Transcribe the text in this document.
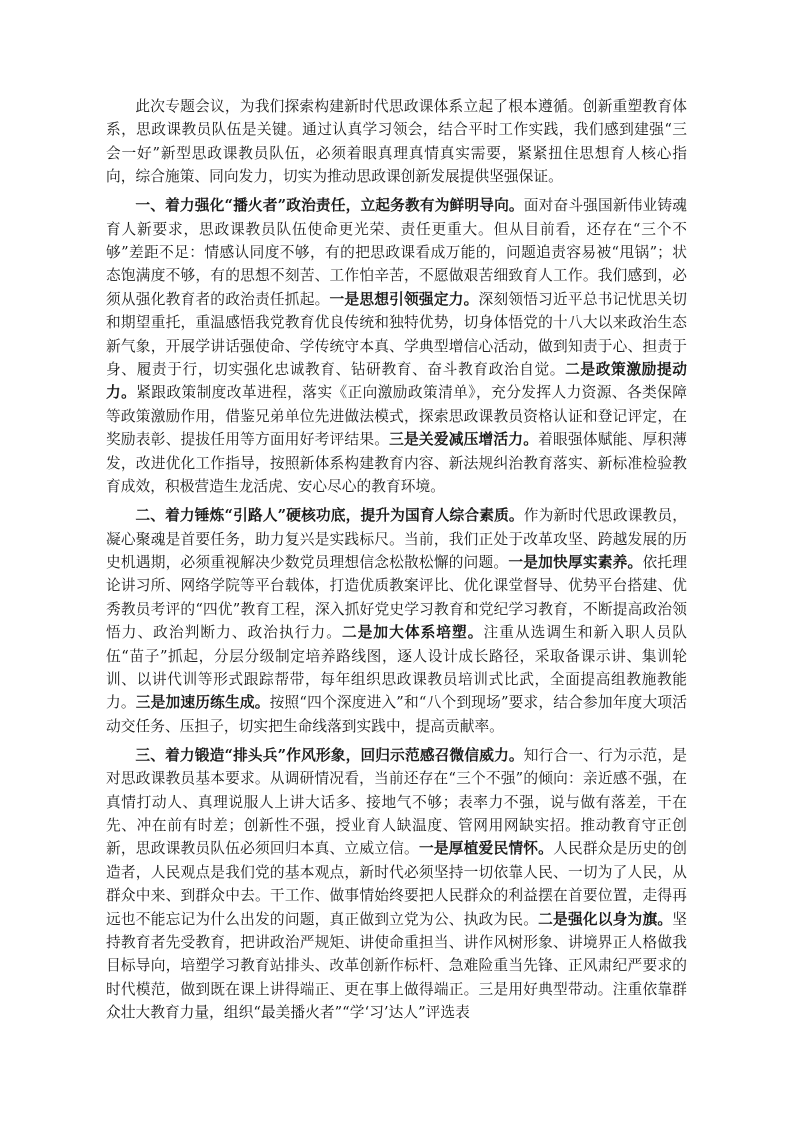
此次专题会议，为我们探索构建新时代思政课体系立起了根本遵循。创新重塑教育体系，思政课教员队伍是关键。通过认真学习领会，结合平时工作实践，我们感到建强“三会一好”新型思政课教员队伍，必须着眼真理真情真实需要，紧紧扭住思想育人核心指向，综合施策、同向发力，切实为推动思政课创新发展提供坚强保证。

一、着力强化“播火者”政治责任，立起务教有为鲜明导向。面对奋斗强国新伟业铸魂育人新要求，思政课教员队伍使命更光荣、责任更重大。但从目前看，还存在“三个不够”差距不足：情感认同度不够，有的把思政课看成万能的，问题追责容易被“甩锅”；状态饱满度不够，有的思想不刻苦、工作怕辛苦，不愿做艰苦细致育人工作。我们感到，必须从强化教育者的政治责任抓起。一是思想引领强定力。深刻领悟习近平总书记忧思关切和期望重托，重温感悟我党教育优良传统和独特优势，切身体悟党的十八大以来政治生态新气象，开展学讲话强使命、学传统守本真、学典型增信心活动，做到知责于心、担责于身、履责于行，切实强化忠诚教育、钻研教育、奋斗教育政治自觉。二是政策激励提动力。紧跟政策制度改革进程，落实《正向激励政策清单》，充分发挥人力资源、各类保障等政策激励作用，借鉴兄弟单位先进做法模式，探索思政课教员资格认证和登记评定，在奖励表彰、提拔任用等方面用好考评结果。三是关爱减压增活力。着眼强体赋能、厚积薄发，改进优化工作指导，按照新体系构建教育内容、新法规纠治教育落实、新标准检验教育成效，积极营造生龙活虎、安心尽心的教育环境。

二、着力锤炼“引路人”硬核功底，提升为国育人综合素质。作为新时代思政课教员，凝心聚魂是首要任务，助力复兴是实践标尺。当前，我们正处于改革攻坚、跨越发展的历史机遇期，必须重视解决少数党员理想信念松散松懈的问题。一是加快厚实素养。依托理论讲习所、网络学院等平台载体，打造优质教案评比、优化课堂督导、优势平台搭建、优秀教员考评的“四优”教育工程，深入抓好党史学习教育和党纪学习教育，不断提高政治领悟力、政治判断力、政治执行力。二是加大体系培塑。注重从选调生和新入职人员队伍“苗子”抓起，分层分级制定培养路线图，逐人设计成长路径，采取备课示讲、集训轮训、以讲代训等形式跟踪帮带，每年组织思政课教员培训式比武，全面提高组教施教能力。三是加速历练生成。按照“四个深度进入”和“八个到现场”要求，结合参加年度大项活动交任务、压担子，切实把生命线落到实践中，提高贡献率。

三、着力锻造“排头兵”作风形象，回归示范感召微信威力。知行合一、行为示范，是对思政课教员基本要求。从调研情况看，当前还存在“三个不强”的倾向：亲近感不强，在真情打动人、真理说服人上讲大话多、接地气不够；表率力不强，说与做有落差，干在先、冲在前有时差；创新性不强，授业育人缺温度、管网用网缺实招。推动教育守正创新，思政课教员队伍必须回归本真、立威立信。一是厚植爱民情怀。人民群众是历史的创造者，人民观点是我们党的基本观点，新时代必须坚持一切依靠人民、一切为了人民，从群众中来、到群众中去。干工作、做事情始终要把人民群众的利益摆在首要位置，走得再远也不能忘记为什么出发的问题，真正做到立党为公、执政为民。二是强化以身为旗。坚持教育者先受教育，把讲政治严规矩、讲使命重担当、讲作风树形象、讲境界正人格做我目标导向，培塑学习教育站排头、改革创新作标杆、急难险重当先锋、正风肃纪严要求的时代模范，做到既在课上讲得端正、更在事上做得端正。三是用好典型带动。注重依靠群众壮大教育力量，组织“最美播火者”“学‘习’达人”评选表
